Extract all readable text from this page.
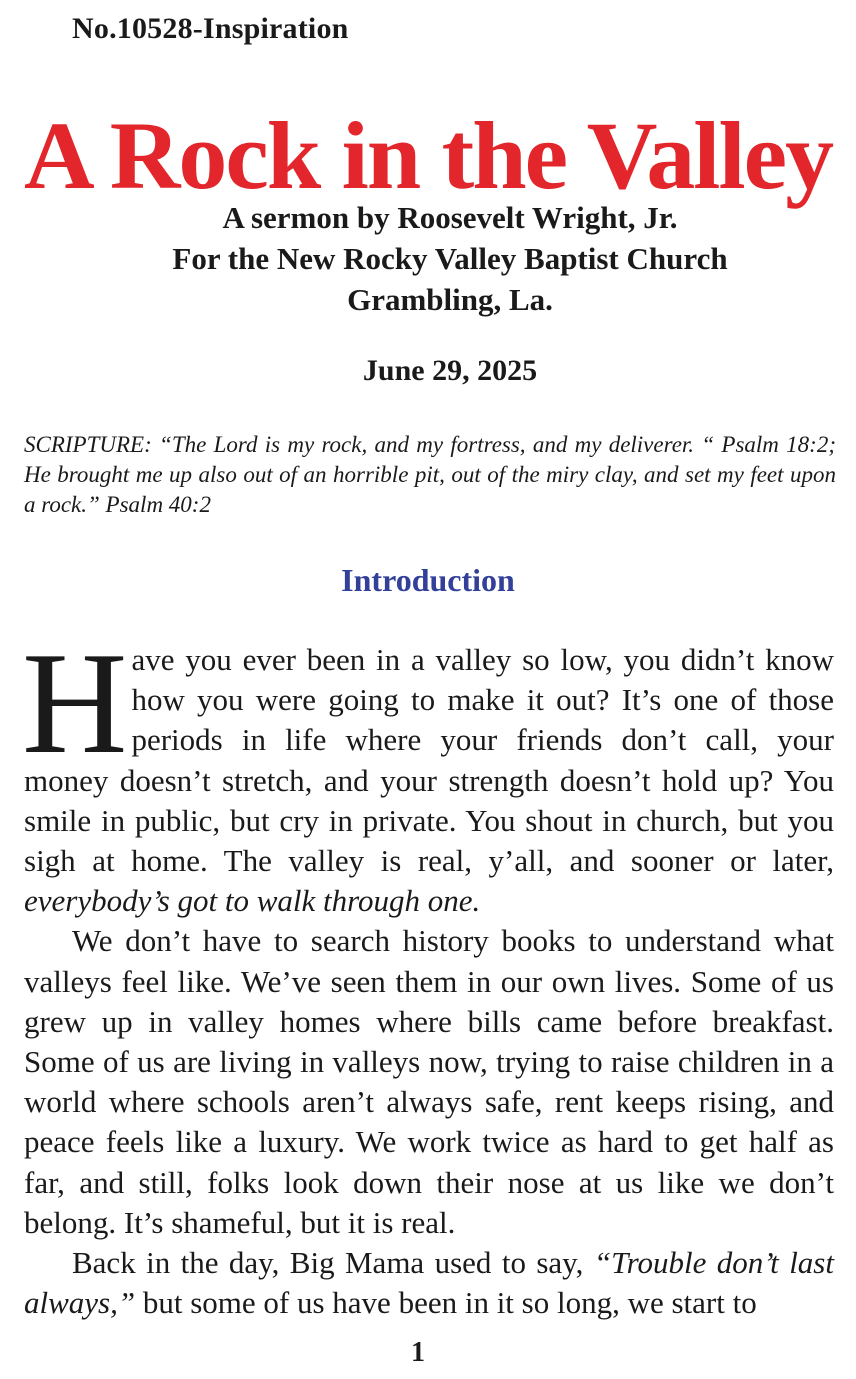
No.10528-Inspiration
A Rock in the Valley
A sermon by Roosevelt Wright, Jr.
For the New Rocky Valley Baptist Church
Grambling, La.
June 29, 2025
SCRIPTURE: “The Lord is my rock, and my fortress, and my deliverer. “ Psalm 18:2; He brought me up also out of an horrible pit, out of the miry clay, and set my feet upon a rock.” Psalm 40:2
Introduction

Have you ever been in a valley so low, you didn’t know how you were going to make it out? It’s one of those periods in life where your friends don’t call, your money doesn’t stretch, and your strength doesn’t hold up? You smile in public, but cry in private. You shout in church, but you sigh at home. The valley is real, y’all, and sooner or later, everybody’s got to walk through one.

We don’t have to search history books to understand what valleys feel like. We’ve seen them in our own lives. Some of us grew up in valley homes where bills came before breakfast. Some of us are living in valleys now, trying to raise children in a world where schools aren’t always safe, rent keeps rising, and peace feels like a luxury. We work twice as hard to get half as far, and still, folks look down their nose at us like we don’t belong. It’s shameful, but it is real.

Back in the day, Big Mama used to say, “Trouble don’t last always,” but some of us have been in it so long, we start to

1
